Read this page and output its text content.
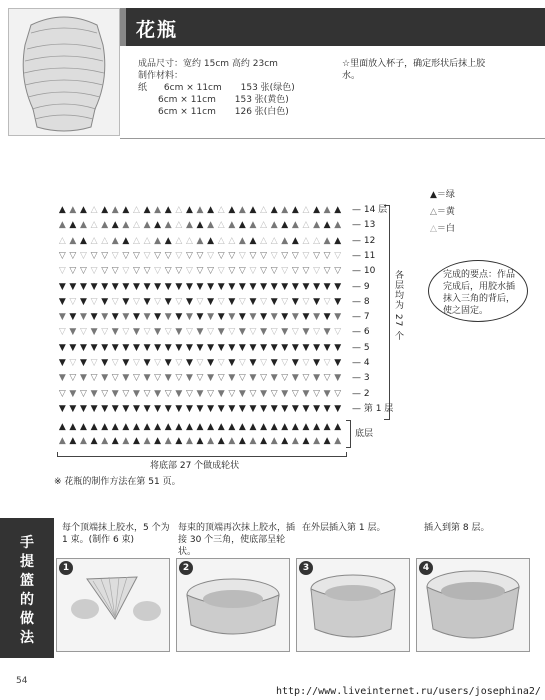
花瓶
成品尺寸：宽约 15cm 高约 23cm
制作材料：
纸 6cm × 11cm 153 张(绿色)
6cm × 11cm 153 张(黄色)
6cm × 11cm 126 张(白色)
☆里面放入杯子，确定形状后抹上胶水。
▲＝绿
△＝黄
△＝白
各层均为 27 个
底层
将底部 27 个做成轮状
※ 花瓶的制作方法在第 51 页。
完成的要点：作品完成后，用胶水插抹入三角的背后，使之固定。
手
提
篮
的
做
法
每个顶端抹上胶水，5 个为 1 束。(制作 6 束)
每束的顶端再次抹上胶水，插接 30 个三角，使底部呈轮状。
在外层插入第 1 层。	插入到第 8 层。
1	2	3	4
54
http://www.liveinternet.ru/users/josephina2/
▲ ▲ ▲ △ ▲ ▲ ▲ △ ▲ ▲ ▲ △ ▲ ▲ ▲ △ ▲ ▲ ▲ △ ▲ ▲ ▲ △ ▲ ▲ ▲ — 14 层
▲ ▲ ▲ △ ▲ ▲ ▲ △ ▲ ▲ ▲ △ ▲ ▲ ▲ △ ▲ ▲ ▲ △ ▲ ▲ ▲ △ ▲ ▲ ▲ — 13
△ ▲ ▲ △ △ ▲ ▲ △ △ ▲ ▲ △ △ ▲ ▲ △ △ ▲ ▲ △ △ ▲ ▲ △ △ ▲ ▲ — 12
▽ ▽ ▽ ▽ ▽ ▽ ▽ ▽ ▽ ▽ ▽ ▽ ▽ ▽ ▽ ▽ ▽ ▽ ▽ ▽ ▽ ▽ ▽ ▽ ▽ ▽ ▽ — 11
▽ ▽ ▽ ▽ ▽ ▽ ▽ ▽ ▽ ▽ ▽ ▽ ▽ ▽ ▽ ▽ ▽ ▽ ▽ ▽ ▽ ▽ ▽ ▽ ▽ ▽ ▽ — 10
▼ ▼ ▼ ▼ ▼ ▼ ▼ ▼ ▼ ▼ ▼ ▼ ▼ ▼ ▼ ▼ ▼ ▼ ▼ ▼ ▼ ▼ ▼ ▼ ▼ ▼ ▼ — 9
▼ ▽ ▼ ▽ ▼ ▽ ▼ ▽ ▼ ▽ ▼ ▽ ▼ ▽ ▼ ▽ ▼ ▽ ▼ ▽ ▼ ▽ ▼ ▽ ▼ ▽ ▼ — 8
▼ ▼ ▼ ▼ ▼ ▼ ▼ ▼ ▼ ▼ ▼ ▼ ▼ ▼ ▼ ▼ ▼ ▼ ▼ ▼ ▼ ▼ ▼ ▼ ▼ ▼ ▼ — 7
▽ ▼ ▽ ▼ ▽ ▼ ▽ ▼ ▽ ▼ ▽ ▼ ▽ ▼ ▽ ▼ ▽ ▼ ▽ ▼ ▽ ▼ ▽ ▼ ▽ ▼ ▽ — 6
▼ ▼ ▼ ▼ ▼ ▼ ▼ ▼ ▼ ▼ ▼ ▼ ▼ ▼ ▼ ▼ ▼ ▼ ▼ ▼ ▼ ▼ ▼ ▼ ▼ ▼ ▼ — 5
▼ ▽ ▼ ▽ ▼ ▽ ▼ ▽ ▼ ▽ ▼ ▽ ▼ ▽ ▼ ▽ ▼ ▽ ▼ ▽ ▼ ▽ ▼ ▽ ▼ ▽ ▼ — 4
▼ ▽ ▼ ▽ ▼ ▽ ▼ ▽ ▼ ▽ ▼ ▽ ▼ ▽ ▼ ▽ ▼ ▽ ▼ ▽ ▼ ▽ ▼ ▽ ▼ ▽ ▼ — 3
▽ ▼ ▽ ▼ ▽ ▼ ▽ ▼ ▽ ▼ ▽ ▼ ▽ ▼ ▽ ▼ ▽ ▼ ▽ ▼ ▽ ▼ ▽ ▼ ▽ ▼ ▽ — 2
▼ ▼ ▼ ▼ ▼ ▼ ▼ ▼ ▼ ▼ ▼ ▼ ▼ ▼ ▼ ▼ ▼ ▼ ▼ ▼ ▼ ▼ ▼ ▼ ▼ ▼ ▼ — 第 1 层
▲ ▲ ▲ ▲ ▲ ▲ ▲ ▲ ▲ ▲ ▲ ▲ ▲ ▲ ▲ ▲ ▲ ▲ ▲ ▲ ▲ ▲ ▲ ▲ ▲ ▲ ▲
▲ ▲ ▲ ▲ ▲ ▲ ▲ ▲ ▲ ▲ ▲ ▲ ▲ ▲ ▲ ▲ ▲ ▲ ▲ ▲ ▲ ▲ ▲ ▲ ▲ ▲ ▲
